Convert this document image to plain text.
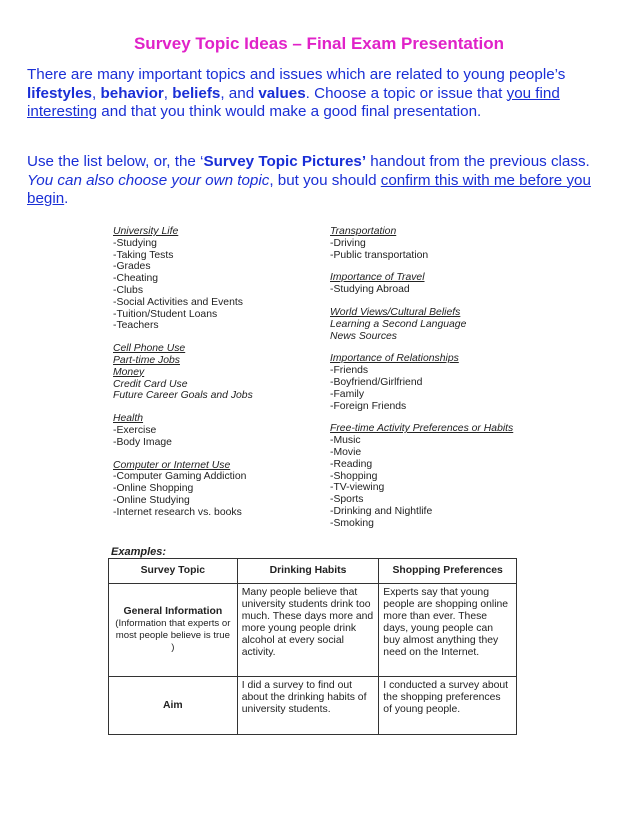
Survey Topic Ideas – Final Exam Presentation
There are many important topics and issues which are related to young people’s lifestyles, behavior, beliefs, and values. Choose a topic or issue that you find interesting and that you think would make a good final presentation.
Use the list below, or, the ‘Survey Topic Pictures’ handout from the previous class. You can also choose your own topic, but you should confirm this with me before you begin.
University Life
-Studying
-Taking Tests
-Grades
-Cheating
-Clubs
-Social Activities and Events
-Tuition/Student Loans
-Teachers
Cell Phone Use
Part-time Jobs
Money
Credit Card Use
Future Career Goals and Jobs
Health
-Exercise
-Body Image
Computer or Internet Use
-Computer Gaming Addiction
-Online Shopping
-Online Studying
-Internet research vs. books
Transportation
-Driving
-Public transportation
Importance of Travel
-Studying Abroad
World Views/Cultural Beliefs
Learning a Second Language
News Sources
Importance of Relationships
-Friends
-Boyfriend/Girlfriend
-Family
-Foreign Friends
Free-time Activity Preferences or Habits
-Music
-Movie
-Reading
-Shopping
-TV-viewing
-Sports
-Drinking and Nightlife
-Smoking
Examples:
Survey Topic	Drinking Habits	Shopping Preferences

General Information
(Information that experts or most people believe is true )	Many people believe that university students drink too much. These days more and more young people drink alcohol at every social activity.	Experts say that young people are shopping online more than ever. These days, young people can buy almost anything they need on the Internet.

Aim	I did a survey to find out about the drinking habits of university students.	I conducted a survey about the shopping preferences of young people.
